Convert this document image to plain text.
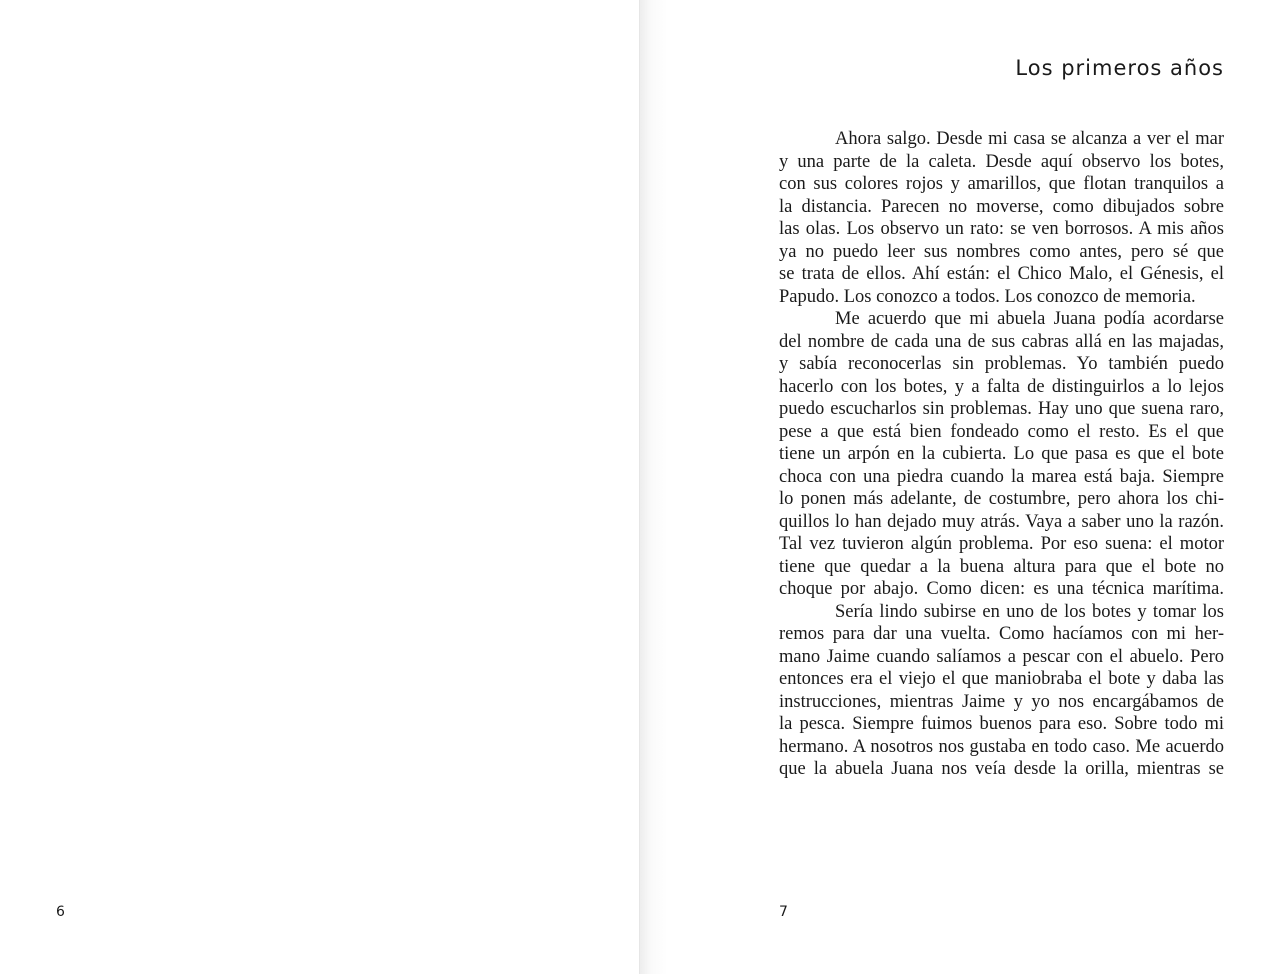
6

Los primeros años
Ahora salgo. Desde mi casa se alcanza a ver el mar
y una parte de la caleta. Desde aquí observo los botes,
con sus colores rojos y amarillos, que flotan tranquilos a
la distancia. Parecen no moverse, como dibujados sobre
las olas. Los observo un rato: se ven borrosos. A mis años
ya no puedo leer sus nombres como antes, pero sé que
se trata de ellos. Ahí están: el Chico Malo, el Génesis, el
Papudo. Los conozco a todos. Los conozco de memoria.
Me acuerdo que mi abuela Juana podía acordarse
del nombre de cada una de sus cabras allá en las majadas,
y sabía reconocerlas sin problemas. Yo también puedo
hacerlo con los botes, y a falta de distinguirlos a lo lejos
puedo escucharlos sin problemas. Hay uno que suena raro,
pese a que está bien fondeado como el resto. Es el que
tiene un arpón en la cubierta. Lo que pasa es que el bote
choca con una piedra cuando la marea está baja. Siempre
lo ponen más adelante, de costumbre, pero ahora los chi-
quillos lo han dejado muy atrás. Vaya a saber uno la razón.
Tal vez tuvieron algún problema. Por eso suena: el motor
tiene que quedar a la buena altura para que el bote no
choque por abajo. Como dicen: es una técnica marítima.
Sería lindo subirse en uno de los botes y tomar los
remos para dar una vuelta. Como hacíamos con mi her-
mano Jaime cuando salíamos a pescar con el abuelo. Pero
entonces era el viejo el que maniobraba el bote y daba las
instrucciones, mientras Jaime y yo nos encargábamos de
la pesca. Siempre fuimos buenos para eso. Sobre todo mi
hermano. A nosotros nos gustaba en todo caso. Me acuerdo
que la abuela Juana nos veía desde la orilla, mientras se

7
